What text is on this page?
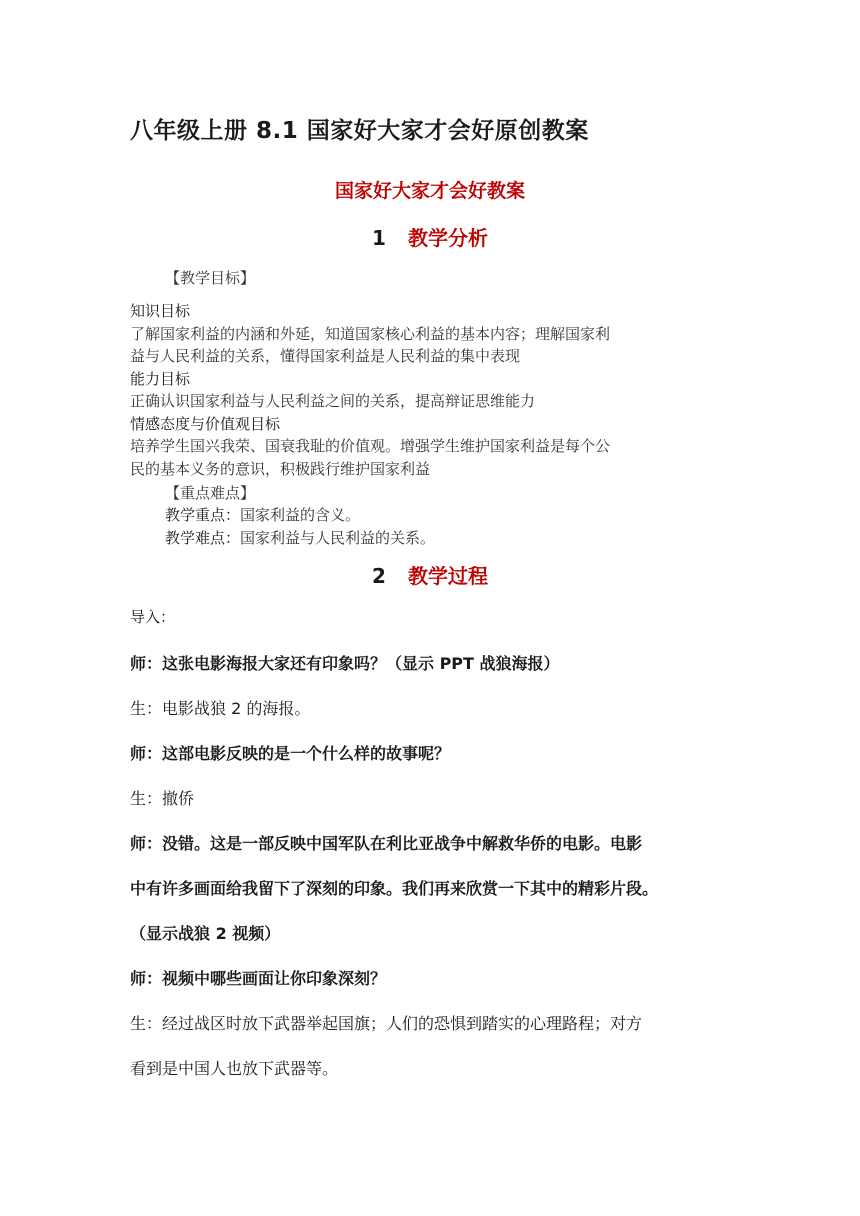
八年级上册 8.1 国家好大家才会好原创教案
国家好大家才会好教案
1 教学分析
【教学目标】
知识目标
了解国家利益的内涵和外延，知道国家核心利益的基本内容；理解国家利
益与人民利益的关系，懂得国家利益是人民利益的集中表现
能力目标
正确认识国家利益与人民利益之间的关系，提高辩证思维能力
情感态度与价值观目标
培养学生国兴我荣、国衰我耻的价值观。增强学生维护国家利益是每个公
民的基本义务的意识，积极践行维护国家利益
【重点难点】
教学重点：国家利益的含义。
教学难点：国家利益与人民利益的关系。
2 教学过程
导入：
师：这张电影海报大家还有印象吗？（显示 PPT 战狼海报）
生：电影战狼 2 的海报。
师：这部电影反映的是一个什么样的故事呢？
生：撤侨
师：没错。这是一部反映中国军队在利比亚战争中解救华侨的电影。电影
中有许多画面给我留下了深刻的印象。我们再来欣赏一下其中的精彩片段。
（显示战狼 2 视频）
师：视频中哪些画面让你印象深刻？
生：经过战区时放下武器举起国旗；人们的恐惧到踏实的心理路程；对方
看到是中国人也放下武器等。
